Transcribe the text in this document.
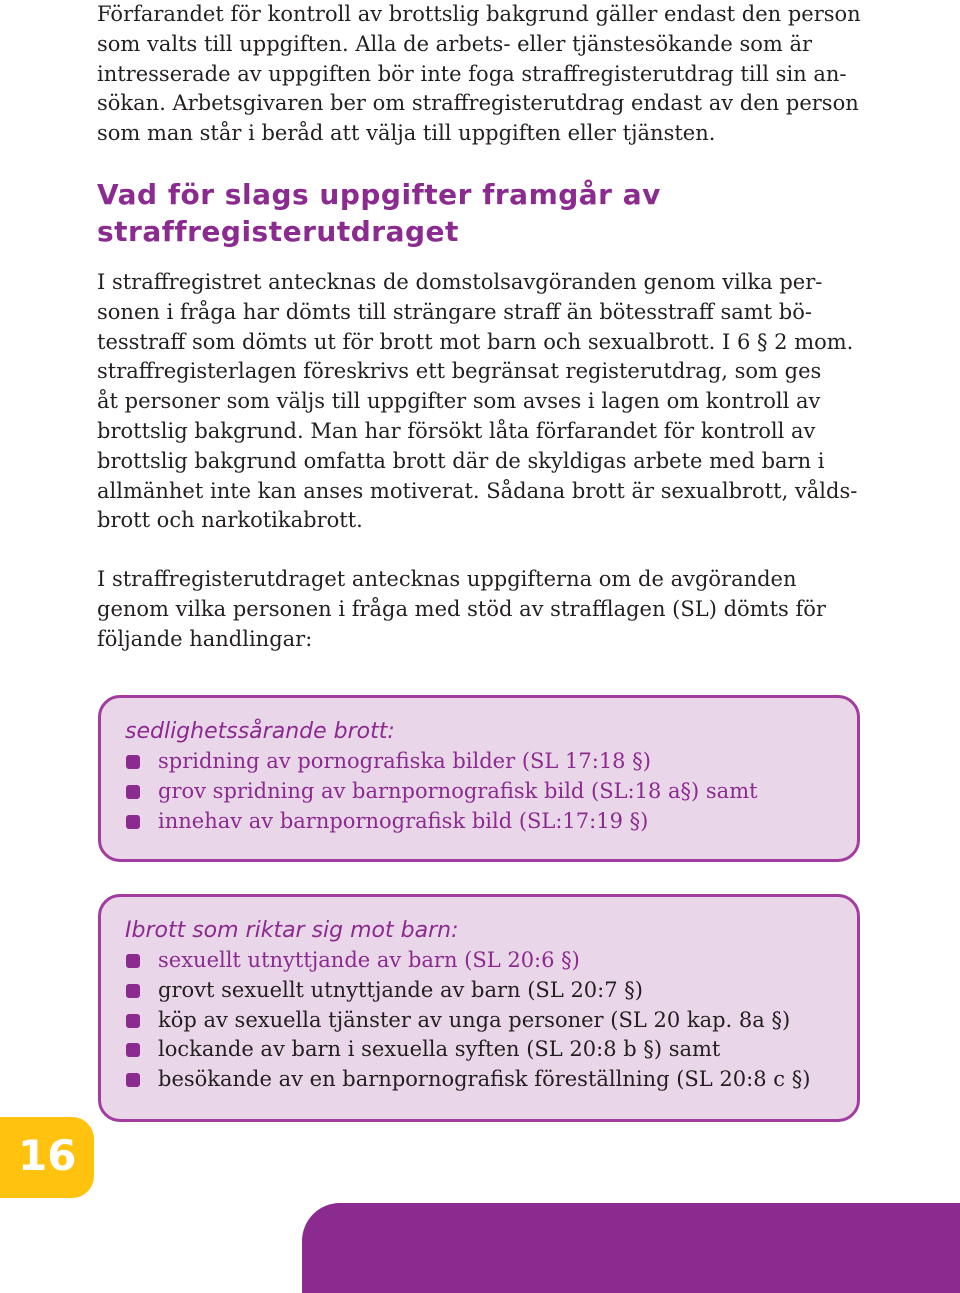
Förfarandet för kontroll av brottslig bakgrund gäller endast den person
som valts till uppgiften. Alla de arbets- eller tjänstesökande som är
intresserade av uppgiften bör inte foga straffregisterutdrag till sin an-
sökan. Arbetsgivaren ber om straffregisterutdrag endast av den person
som man står i beråd att välja till uppgiften eller tjänsten.

Vad för slags uppgifter framgår av
straffregisterutdraget

I straffregistret antecknas de domstolsavgöranden genom vilka per-
sonen i fråga har dömts till strängare straff än bötesstraff samt bö-
tesstraff som dömts ut för brott mot barn och sexualbrott. I 6 § 2 mom.
straffregisterlagen föreskrivs ett begränsat registerutdrag, som ges
åt personer som väljs till uppgifter som avses i lagen om kontroll av
brottslig bakgrund. Man har försökt låta förfarandet för kontroll av
brottslig bakgrund omfatta brott där de skyldigas arbete med barn i
allmänhet inte kan anses motiverat. Sådana brott är sexualbrott, vålds-
brott och narkotikabrott.

I straffregisterutdraget antecknas uppgifterna om de avgöranden
genom vilka personen i fråga med stöd av strafflagen (SL) dömts för
följande handlingar:

sedlighetssårande brott:

spridning av pornografiska bilder (SL 17:18 §)
grov spridning av barnpornografisk bild (SL:18 a§) samt
innehav av barnpornografisk bild (SL:17:19 §)

Ibrott som riktar sig mot barn:

sexuellt utnyttjande av barn (SL 20:6 §)
grovt sexuellt utnyttjande av barn (SL 20:7 §)
köp av sexuella tjänster av unga personer (SL 20 kap. 8a §)
lockande av barn i sexuella syften (SL 20:8 b §) samt
besökande av en barnpornografisk föreställning (SL 20:8 c §)

16
